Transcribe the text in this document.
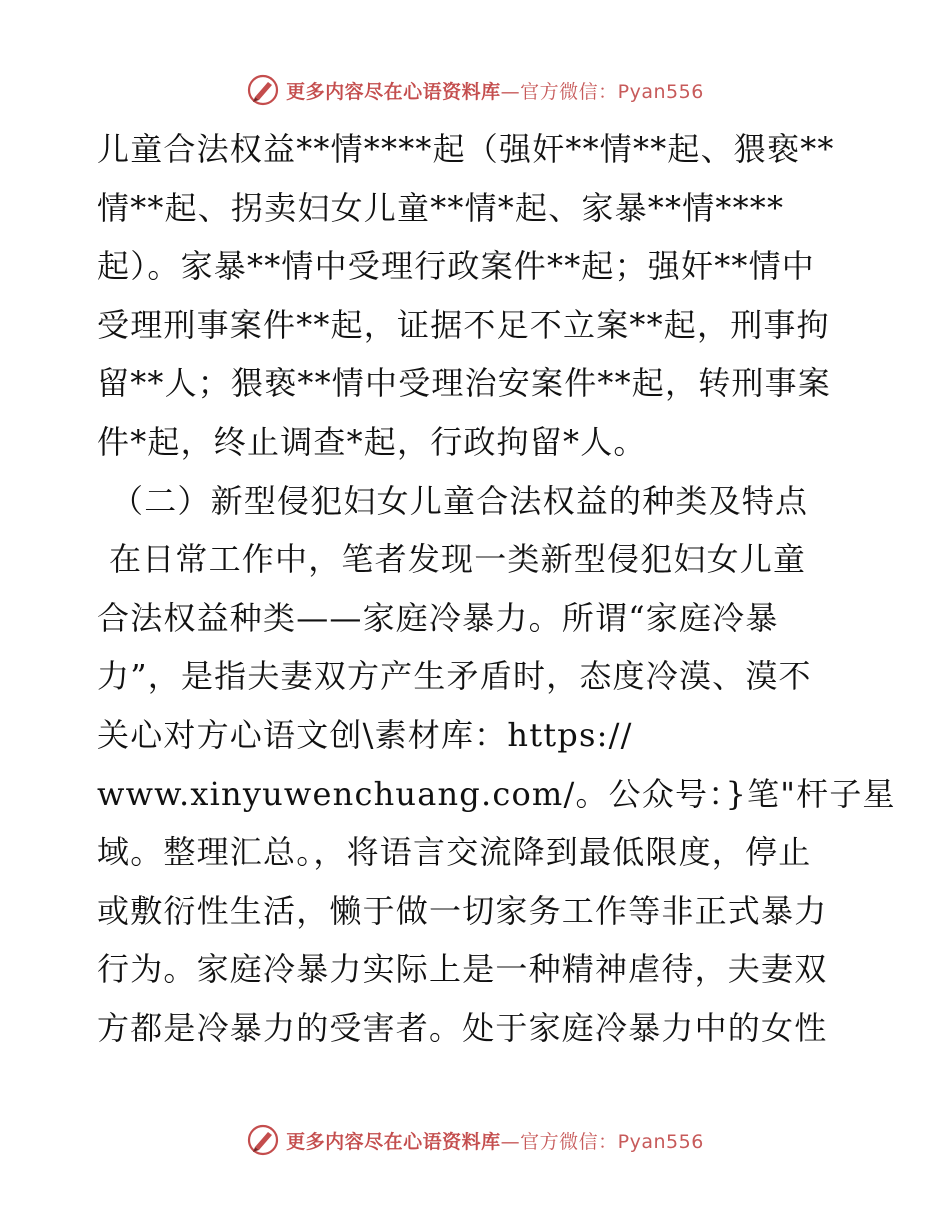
更多内容尽在心语资料库—官方微信：Pyan556
儿童合法权益**情****起（强奸**情**起、猥亵**
情**起、拐卖妇女儿童**情*起、家暴**情****
起）。家暴**情中受理行政案件**起；强奸**情中
受理刑事案件**起，证据不足不立案**起，刑事拘
留**人；猥亵**情中受理治安案件**起，转刑事案
件*起，终止调查*起，行政拘留*人。
（二）新型侵犯妇女儿童合法权益的种类及特点
在日常工作中，笔者发现一类新型侵犯妇女儿童
合法权益种类——家庭冷暴力。所谓“家庭冷暴
力”，是指夫妻双方产生矛盾时，态度冷漠、漠不
关心对方心语文创\素材库：https://
www.xinyuwenchuang.com/。公众号：}笔"杆子星
域。整理汇总。，将语言交流降到最低限度，停止
或敷衍性生活，懒于做一切家务工作等非正式暴力
行为。家庭冷暴力实际上是一种精神虐待，夫妻双
方都是冷暴力的受害者。处于家庭冷暴力中的女性
更多内容尽在心语资料库—官方微信：Pyan556
